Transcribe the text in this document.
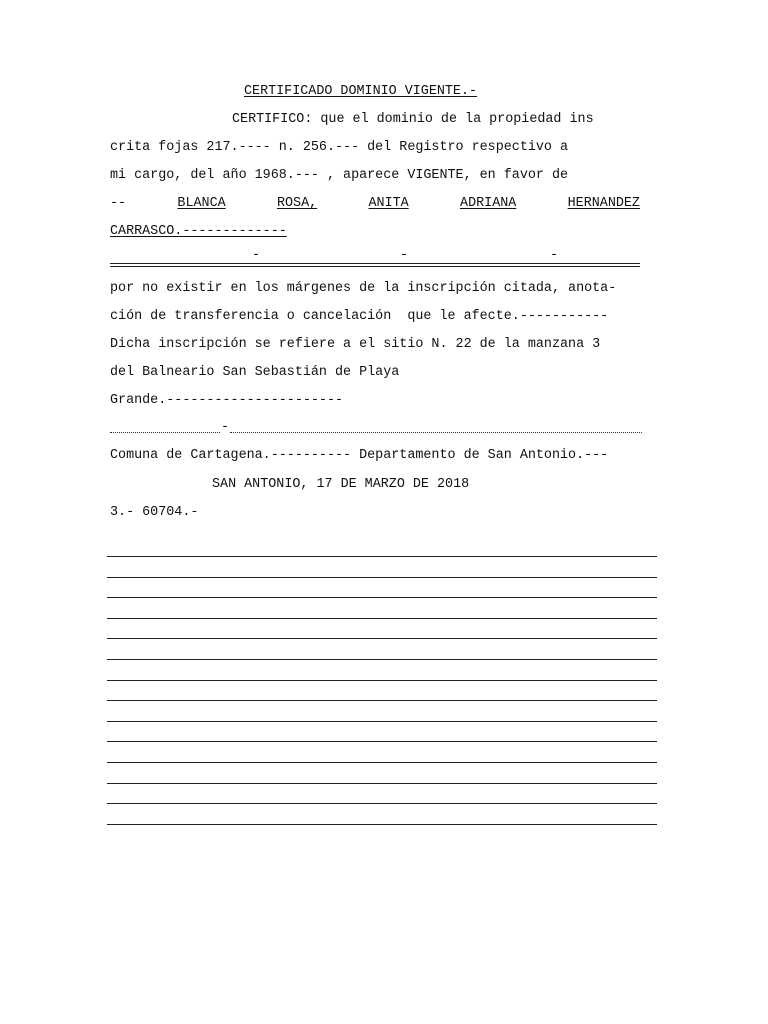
CERTIFICADO DOMINIO VIGENTE.-
CERTIFICO: que el dominio de la propiedad ins
crita fojas 217.---- n. 256.--- del Registro respectivo a
mi cargo, del año 1968.--- , aparece VIGENTE, en favor de
--	BLANCA	ROSA,	ANITA	ADRIANA	HERNANDEZ
CARRASCO.-------------
-	-	-
por no existir en los márgenes de la inscripción citada, anota-
ción de transferencia o cancelación  que le afecte.-----------
Dicha inscripción se refiere a el sitio N. 22 de la manzana 3
del Balneario San Sebastián de Playa
Grande.----------------------
-
Comuna de Cartagena.---------- Departamento de San Antonio.---
SAN ANTONIO, 17 DE MARZO DE 2018
3.- 60704.-
